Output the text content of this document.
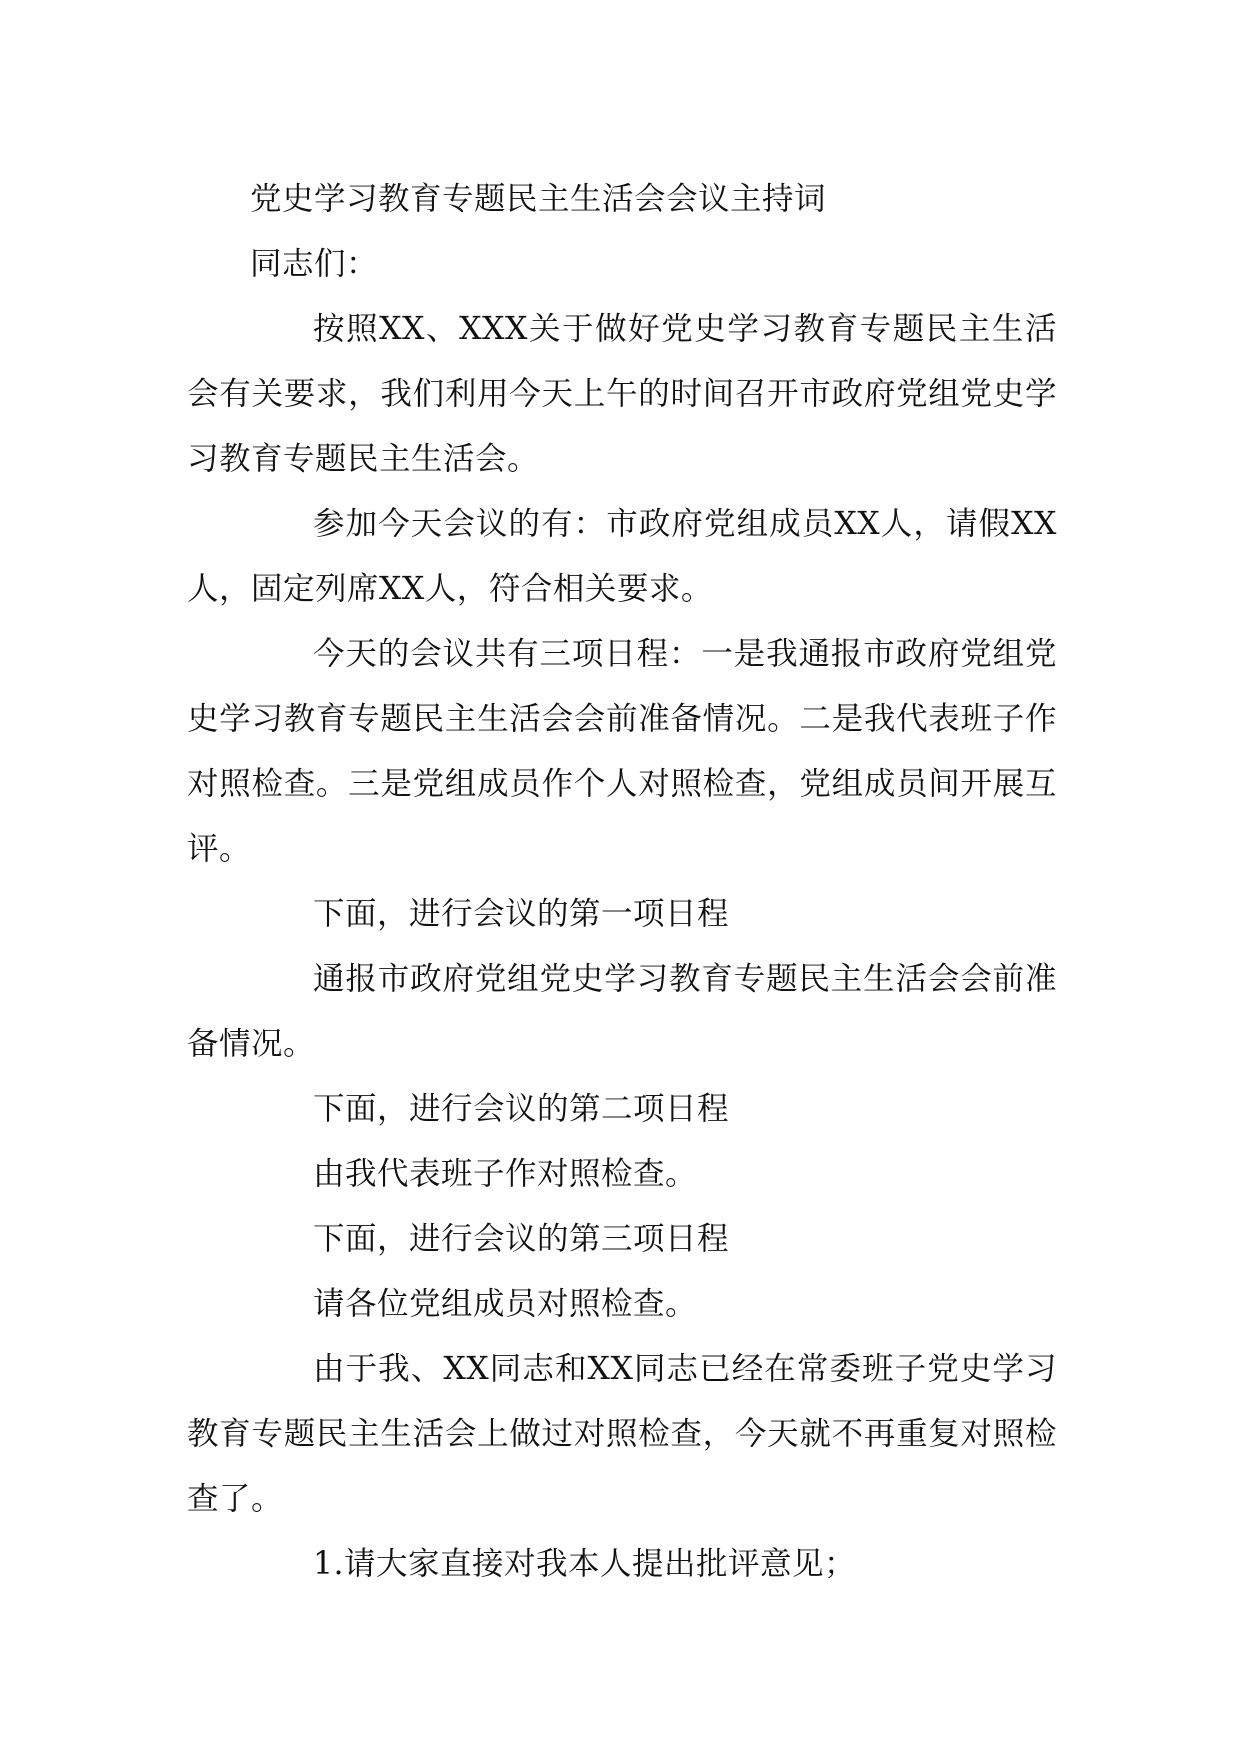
党史学习教育专题民主生活会会议主持词

同志们：

按照XX、XXX关于做好党史学习教育专题民主生活会有关要求，我们利用今天上午的时间召开市政府党组党史学习教育专题民主生活会。

参加今天会议的有：市政府党组成员XX人，请假XX人，固定列席XX人，符合相关要求。

今天的会议共有三项日程：一是我通报市政府党组党史学习教育专题民主生活会会前准备情况。二是我代表班子作对照检查。三是党组成员作个人对照检查，党组成员间开展互评。

下面，进行会议的第一项日程

通报市政府党组党史学习教育专题民主生活会会前准备情况。

下面，进行会议的第二项日程

由我代表班子作对照检查。

下面，进行会议的第三项日程

请各位党组成员对照检查。

由于我、XX同志和XX同志已经在常委班子党史学习教育专题民主生活会上做过对照检查，今天就不再重复对照检查了。

1.请大家直接对我本人提出批评意见；
